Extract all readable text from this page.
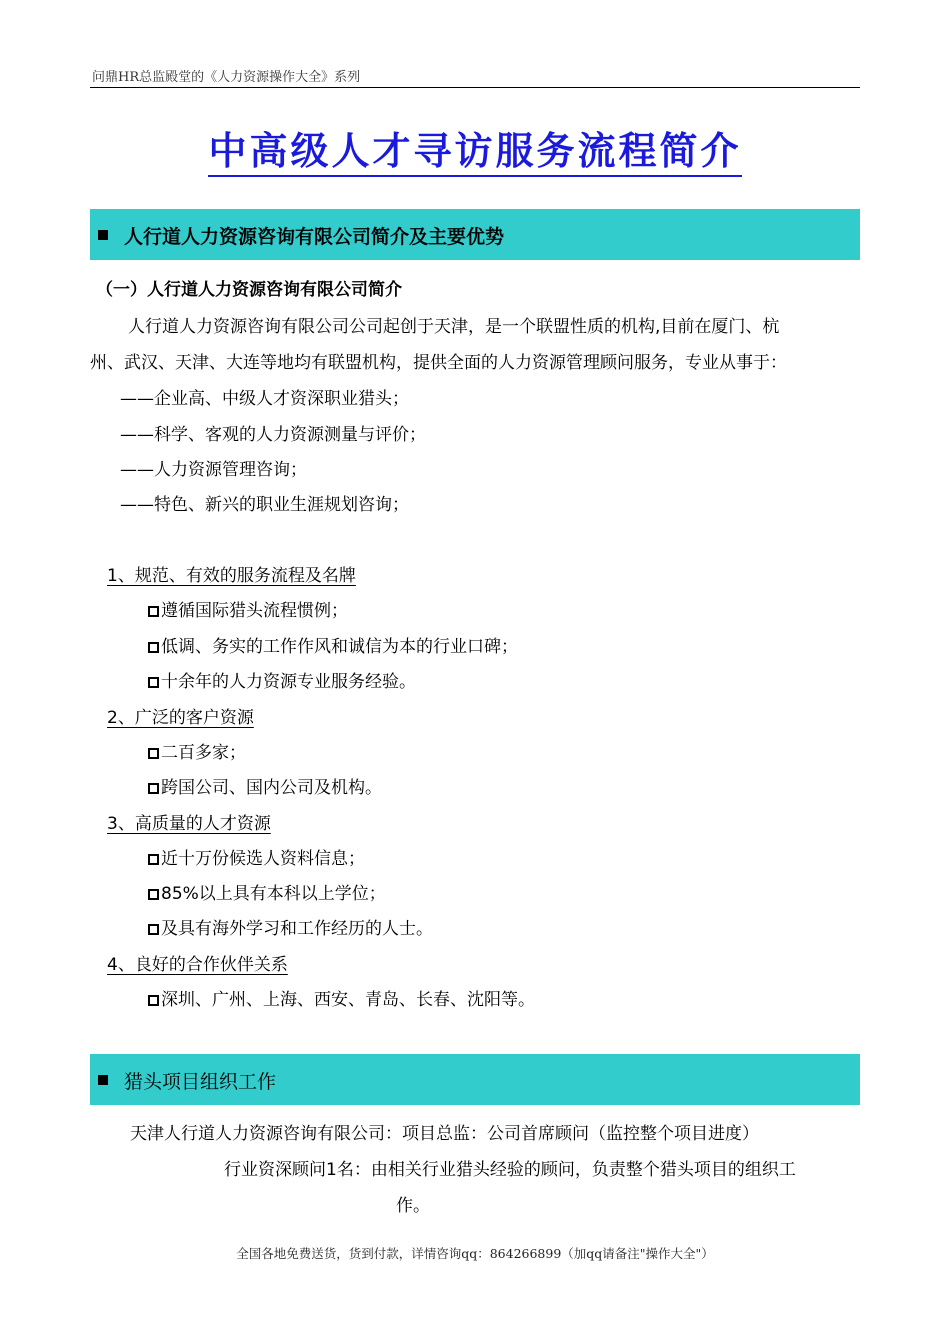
问鼎HR总监殿堂的《人力资源操作大全》系列
中高级人才寻访服务流程简介
人行道人力资源咨询有限公司简介及主要优势
（一）人行道人力资源咨询有限公司简介
人行道人力资源咨询有限公司公司起创于天津，是一个联盟性质的机构,目前在厦门、杭
州、武汉、天津、大连等地均有联盟机构，提供全面的人力资源管理顾问服务，专业从事于：
——企业高、中级人才资深职业猎头；
——科学、客观的人力资源测量与评价；
——人力资源管理咨询；
——特色、新兴的职业生涯规划咨询；
1、规范、有效的服务流程及名牌
遵循国际猎头流程惯例；
低调、务实的工作作风和诚信为本的行业口碑；
十余年的人力资源专业服务经验。
2、广泛的客户资源
二百多家；
跨国公司、国内公司及机构。
3、高质量的人才资源
近十万份候选人资料信息；
85%以上具有本科以上学位；
及具有海外学习和工作经历的人士。
4、良好的合作伙伴关系
深圳、广州、上海、西安、青岛、长春、沈阳等。
猎头项目组织工作
天津人行道人力资源咨询有限公司：项目总监：公司首席顾问（监控整个项目进度）
行业资深顾问1名：由相关行业猎头经验的顾问，负责整个猎头项目的组织工
作。
全国各地免费送货，货到付款，详情咨询qq：864266899（加qq请备注"操作大全"）
